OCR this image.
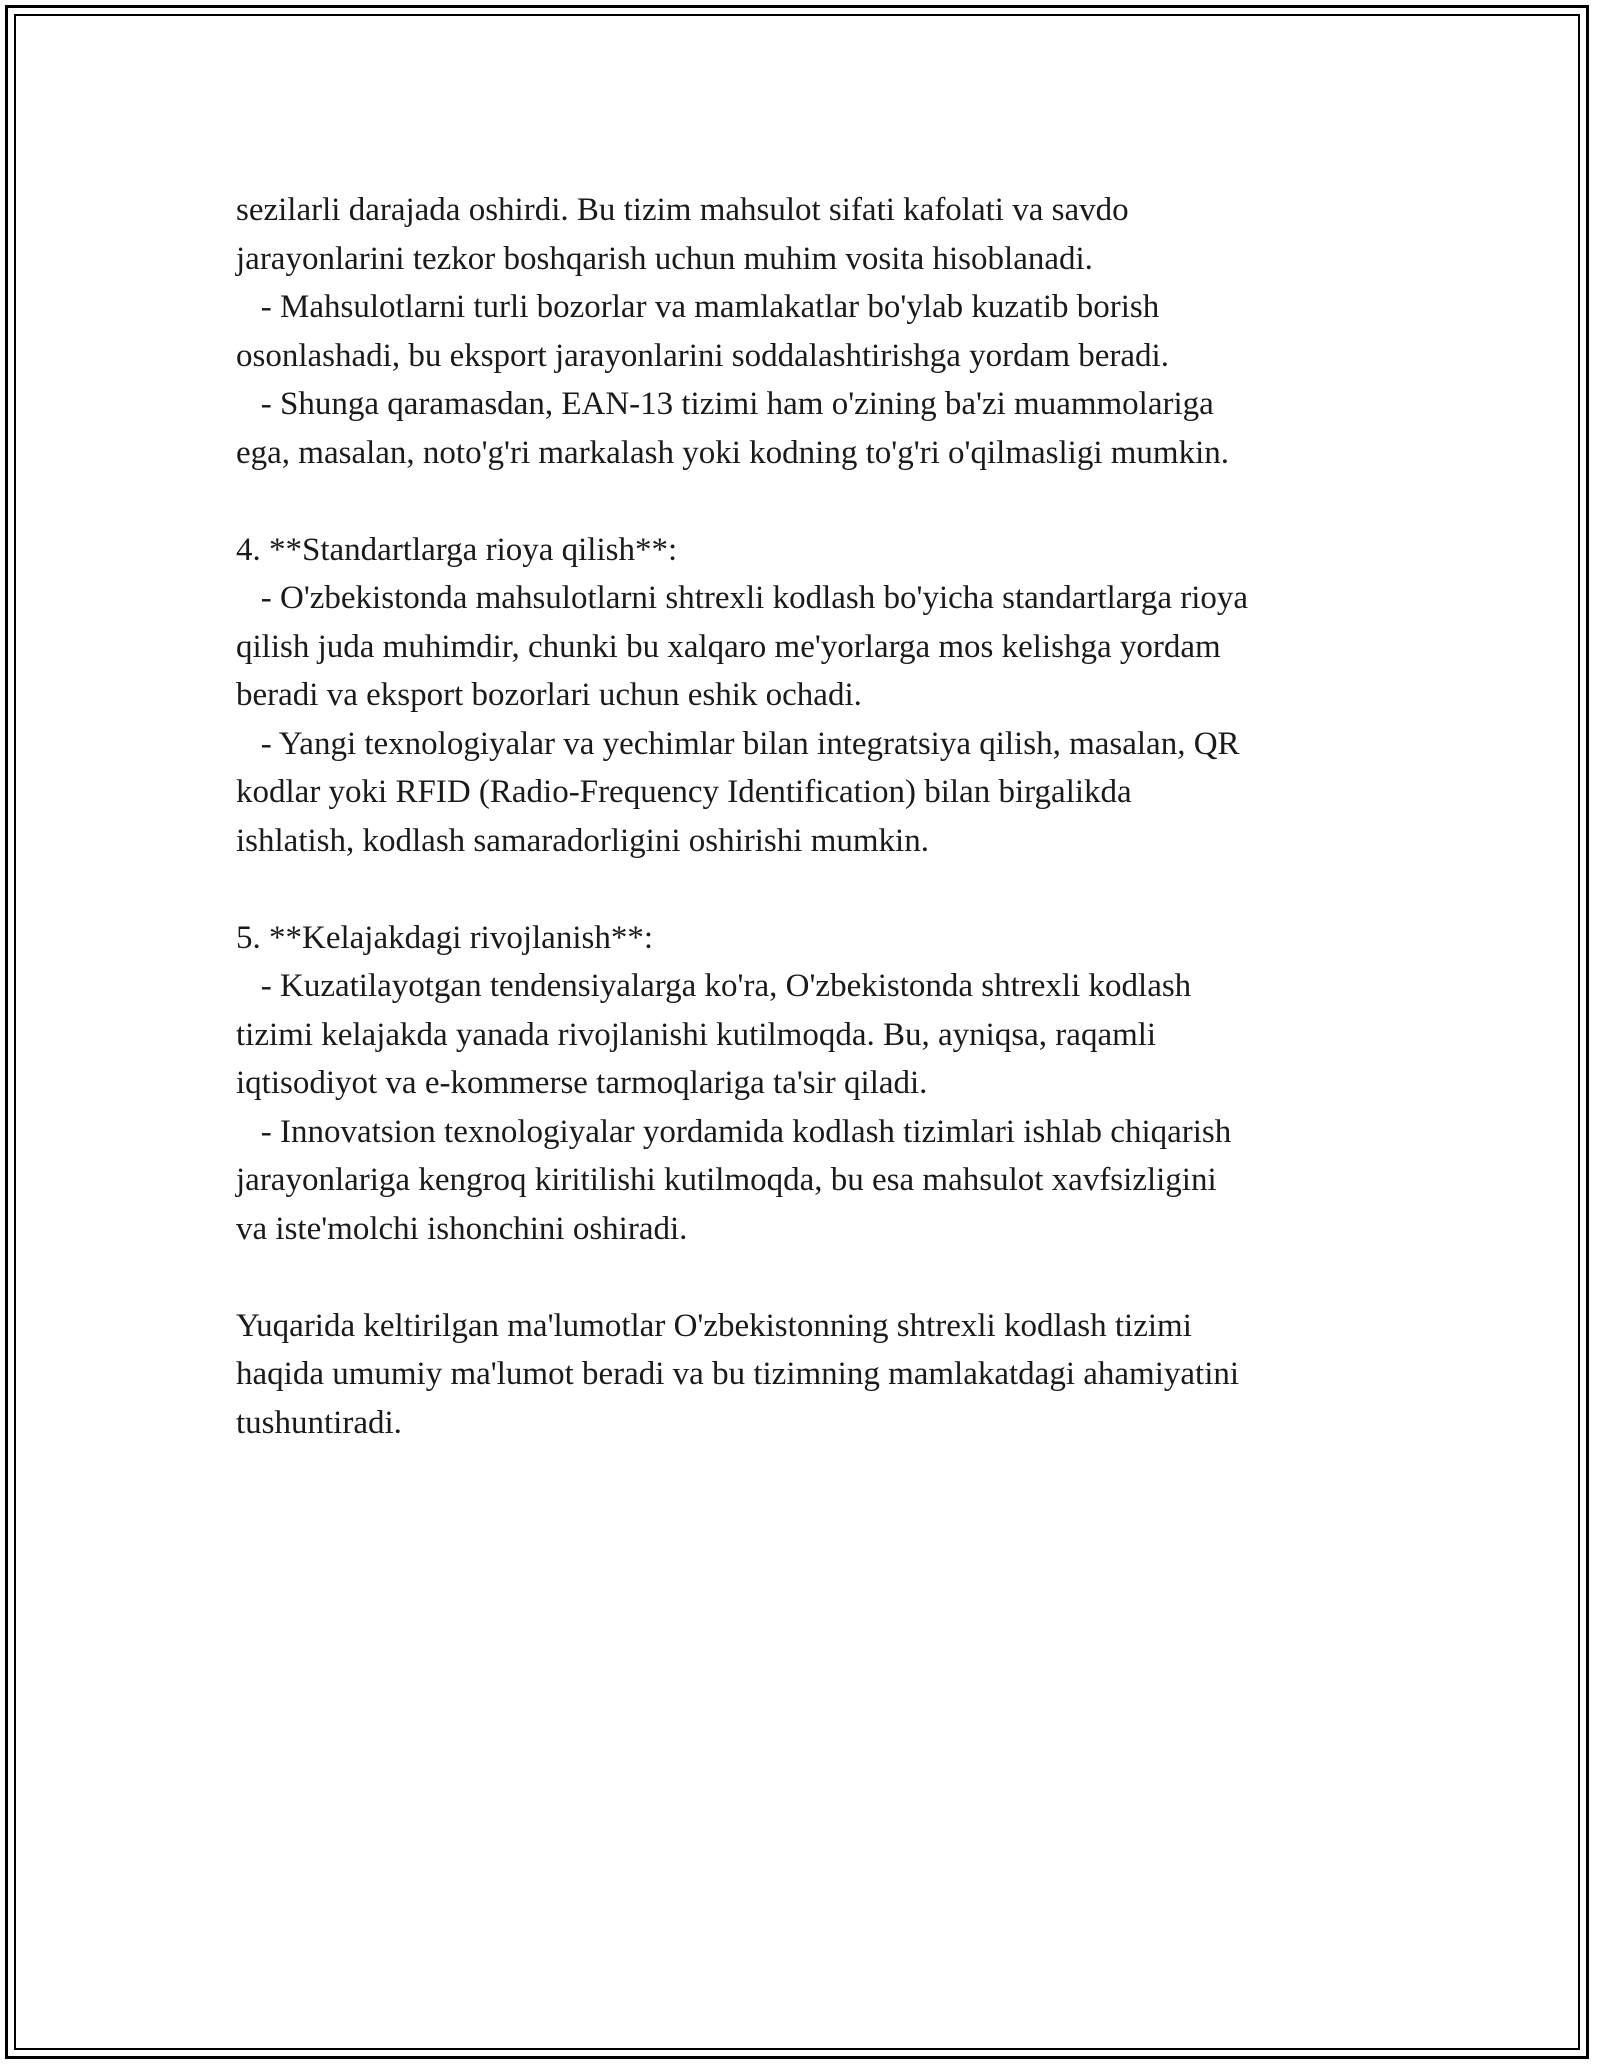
sezilarli darajada oshirdi. Bu tizim mahsulot sifati kafolati va savdo
jarayonlarini tezkor boshqarish uchun muhim vosita hisoblanadi.
- Mahsulotlarni turli bozorlar va mamlakatlar bo'ylab kuzatib borish
osonlashadi, bu eksport jarayonlarini soddalashtirishga yordam beradi.
- Shunga qaramasdan, EAN-13 tizimi ham o'zining ba'zi muammolariga
ega, masalan, noto'g'ri markalash yoki kodning to'g'ri o'qilmasligi mumkin.
4. **Standartlarga rioya qilish**:
- O'zbekistonda mahsulotlarni shtrexli kodlash bo'yicha standartlarga rioya
qilish juda muhimdir, chunki bu xalqaro me'yorlarga mos kelishga yordam
beradi va eksport bozorlari uchun eshik ochadi.
- Yangi texnologiyalar va yechimlar bilan integratsiya qilish, masalan, QR
kodlar yoki RFID (Radio-Frequency Identification) bilan birgalikda
ishlatish, kodlash samaradorligini oshirishi mumkin.
5. **Kelajakdagi rivojlanish**:
- Kuzatilayotgan tendensiyalarga ko'ra, O'zbekistonda shtrexli kodlash
tizimi kelajakda yanada rivojlanishi kutilmoqda. Bu, ayniqsa, raqamli
iqtisodiyot va e-kommerse tarmoqlariga ta'sir qiladi.
- Innovatsion texnologiyalar yordamida kodlash tizimlari ishlab chiqarish
jarayonlariga kengroq kiritilishi kutilmoqda, bu esa mahsulot xavfsizligini
va iste'molchi ishonchini oshiradi.
Yuqarida keltirilgan ma'lumotlar O'zbekistonning shtrexli kodlash tizimi
haqida umumiy ma'lumot beradi va bu tizimning mamlakatdagi ahamiyatini
tushuntiradi.
